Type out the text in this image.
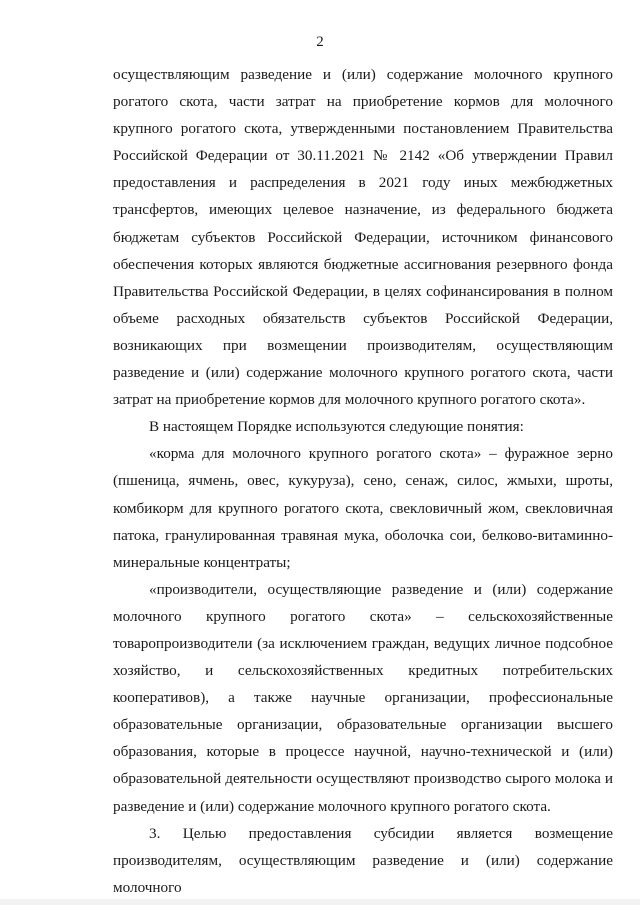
2

осуществляющим разведение и (или) содержание молочного крупного рогатого скота, части затрат на приобретение кормов для молочного крупного рогатого скота, утвержденными постановлением Правительства Российской Федерации от 30.11.2021 № 2142 «Об утверждении Правил предоставления и распределения в 2021 году иных межбюджетных трансфертов, имеющих целевое назначение, из федерального бюджета бюджетам субъектов Российской Федерации, источником финансового обеспечения которых являются бюджетные ассигнования резервного фонда Правительства Российской Федерации, в целях софинансирования в полном объеме расходных обязательств субъектов Российской Федерации, возникающих при возмещении производителям, осуществляющим разведение и (или) содержание молочного крупного рогатого скота, части затрат на приобретение кормов для молочного крупного рогатого скота».

В настоящем Порядке используются следующие понятия:

«корма для молочного крупного рогатого скота» – фуражное зерно (пшеница, ячмень, овес, кукуруза), сено, сенаж, силос, жмыхи, шроты, комбикорм для крупного рогатого скота, свекловичный жом, свекловичная патока, гранулированная травяная мука, оболочка сои, белково-витаминно-минеральные концентраты;

«производители, осуществляющие разведение и (или) содержание молочного крупного рогатого скота» – сельскохозяйственные товаропроизводители (за исключением граждан, ведущих личное подсобное хозяйство, и сельскохозяйственных кредитных потребительских кооперативов), а также научные организации, профессиональные образовательные организации, образовательные организации высшего образования, которые в процессе научной, научно-технической и (или) образовательной деятельности осуществляют производство сырого молока и разведение и (или) содержание молочного крупного рогатого скота.

3. Целью предоставления субсидии является возмещение производителям, осуществляющим разведение и (или) содержание молочного
